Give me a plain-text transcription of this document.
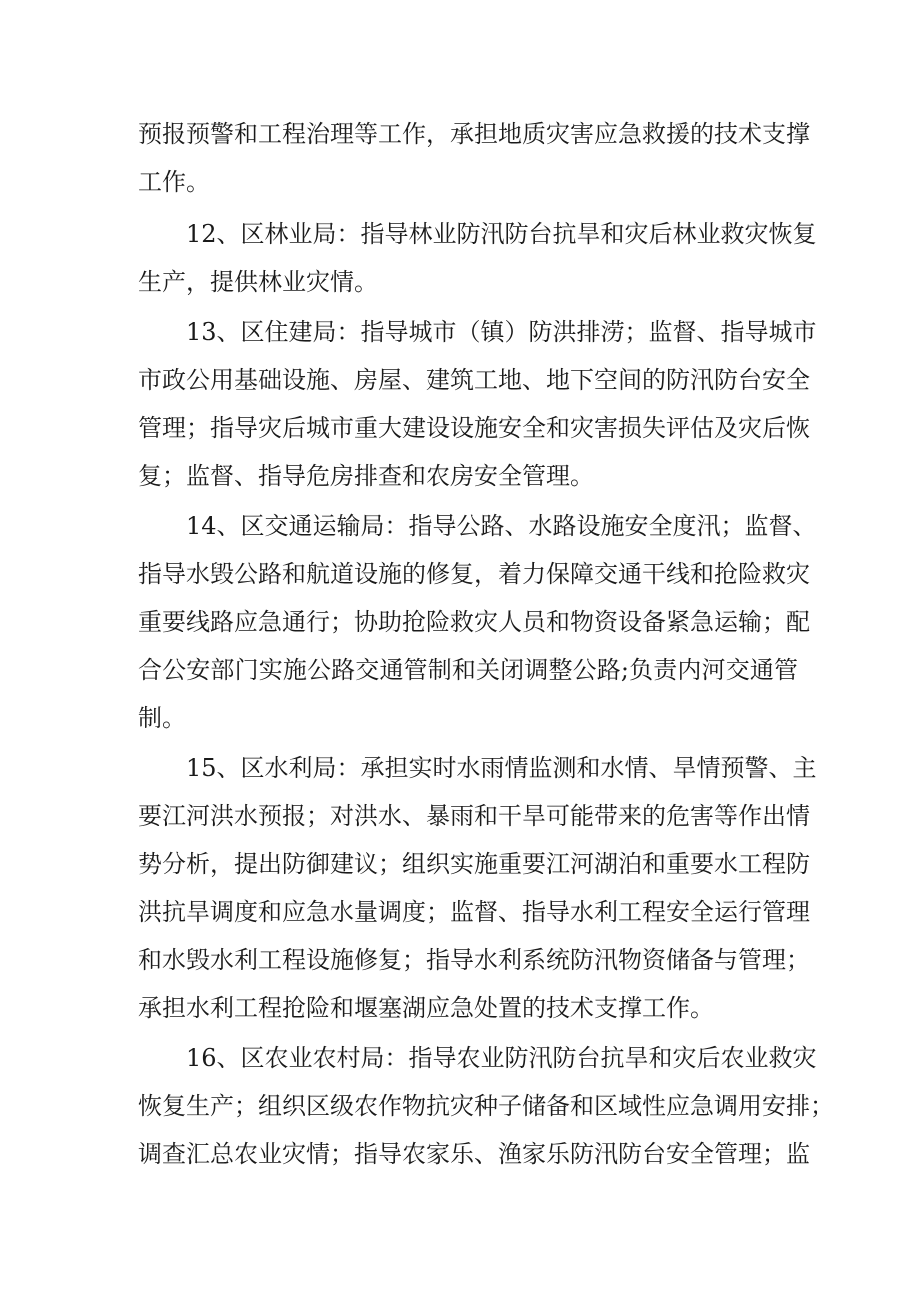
预报预警和工程治理等工作，承担地质灾害应急救援的技术支撑
工作。
12、区林业局：指导林业防汛防台抗旱和灾后林业救灾恢复
生产，提供林业灾情。
13、区住建局：指导城市（镇）防洪排涝；监督、指导城市
市政公用基础设施、房屋、建筑工地、地下空间的防汛防台安全
管理；指导灾后城市重大建设设施安全和灾害损失评估及灾后恢
复；监督、指导危房排查和农房安全管理。
14、区交通运输局：指导公路、水路设施安全度汛；监督、
指导水毁公路和航道设施的修复，着力保障交通干线和抢险救灾
重要线路应急通行；协助抢险救灾人员和物资设备紧急运输；配
合公安部门实施公路交通管制和关闭调整公路;负责内河交通管
制。
15、区水利局：承担实时水雨情监测和水情、旱情预警、主
要江河洪水预报；对洪水、暴雨和干旱可能带来的危害等作出情
势分析，提出防御建议；组织实施重要江河湖泊和重要水工程防
洪抗旱调度和应急水量调度；监督、指导水利工程安全运行管理
和水毁水利工程设施修复；指导水利系统防汛物资储备与管理；
承担水利工程抢险和堰塞湖应急处置的技术支撑工作。
16、区农业农村局：指导农业防汛防台抗旱和灾后农业救灾
恢复生产；组织区级农作物抗灾种子储备和区域性应急调用安排；
调查汇总农业灾情；指导农家乐、渔家乐防汛防台安全管理；监
